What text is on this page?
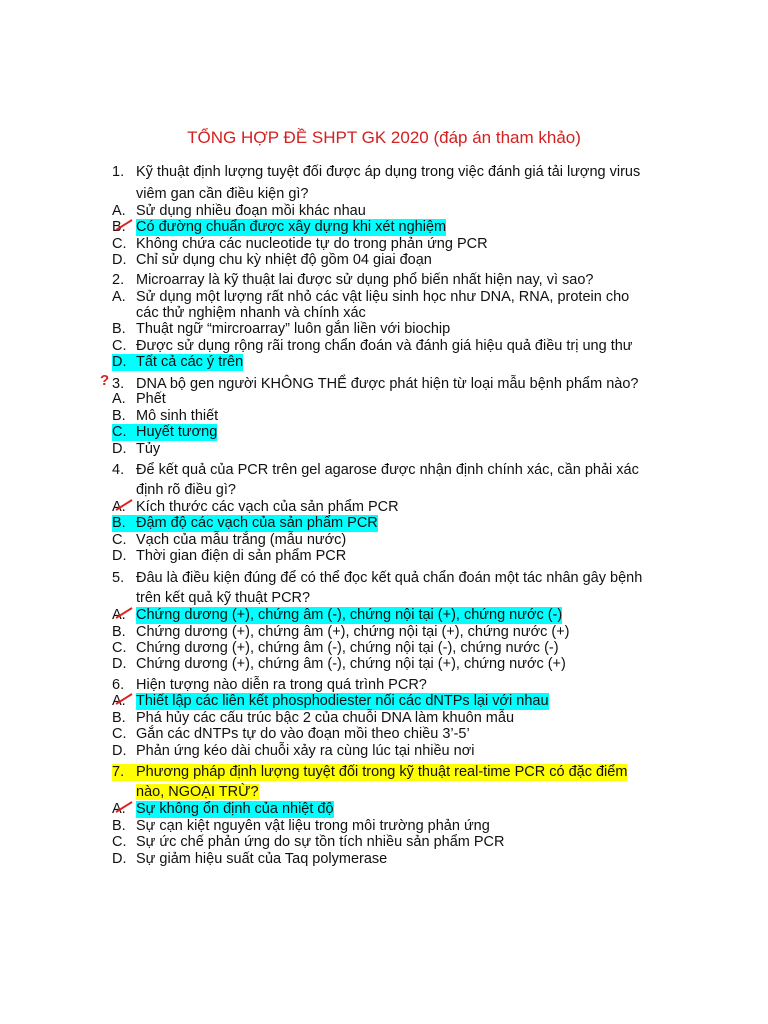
TỔNG HỢP ĐỀ SHPT GK 2020 (đáp án tham khảo)
1. Kỹ thuật định lượng tuyệt đối được áp dụng trong việc đánh giá tải lượng virus
viêm gan cần điều kiện gì?
A. Sử dụng nhiều đoạn mồi khác nhau
B. Có đường chuẩn được xây dựng khi xét nghiệm
C. Không chứa các nucleotide tự do trong phản ứng PCR
D. Chỉ sử dụng chu kỳ nhiệt độ gồm 04 giai đoạn
2. Microarray là kỹ thuật lai được sử dụng phổ biến nhất hiện nay, vì sao?
A. Sử dụng một lượng rất nhỏ các vật liệu sinh học như DNA, RNA, protein cho
các thử nghiệm nhanh và chính xác
B. Thuật ngữ “mircroarray” luôn gắn liền với biochip
C. Được sử dụng rộng rãi trong chẩn đoán và đánh giá hiệu quả điều trị ung thư
D. Tất cả các ý trên
? 3. DNA bộ gen người KHÔNG THỂ được phát hiện từ loại mẫu bệnh phẩm nào?
A. Phết
B. Mô sinh thiết
C. Huyết tương
D. Tủy
4. Để kết quả của PCR trên gel agarose được nhận định chính xác, cần phải xác
định rõ điều gì?
A. Kích thước các vạch của sản phẩm PCR
B. Đậm độ các vạch của sản phẩm PCR
C. Vạch của mẫu trắng (mẫu nước)
D. Thời gian điện di sản phẩm PCR
5. Đâu là điều kiện đúng để có thể đọc kết quả chẩn đoán một tác nhân gây bệnh
trên kết quả kỹ thuật PCR?
A. Chứng dương (+), chứng âm (-), chứng nội tại (+), chứng nước (-)
B. Chứng dương (+), chứng âm (+), chứng nội tại (+), chứng nước (+)
C. Chứng dương (+), chứng âm (-), chứng nội tại (-), chứng nước (-)
D. Chứng dương (+), chứng âm (-), chứng nội tại (+), chứng nước (+)
6. Hiện tượng nào diễn ra trong quá trình PCR?
A. Thiết lập các liên kết phosphodiester nối các dNTPs lại với nhau
B. Phá hủy các cấu trúc bậc 2 của chuỗi DNA làm khuôn mẫu
C. Gắn các dNTPs tự do vào đoạn mồi theo chiều 3’-5’
D. Phản ứng kéo dài chuỗi xảy ra cùng lúc tại nhiều nơi
7. Phương pháp định lượng tuyệt đối trong kỹ thuật real-time PCR có đặc điểm
nào, NGOẠI TRỪ?
A. Sự không ổn định của nhiệt độ
B. Sự cạn kiệt nguyên vật liệu trong môi trường phản ứng
C. Sự ức chế phản ứng do sự tồn tích nhiều sản phẩm PCR
D. Sự giảm hiệu suất của Taq polymerase
